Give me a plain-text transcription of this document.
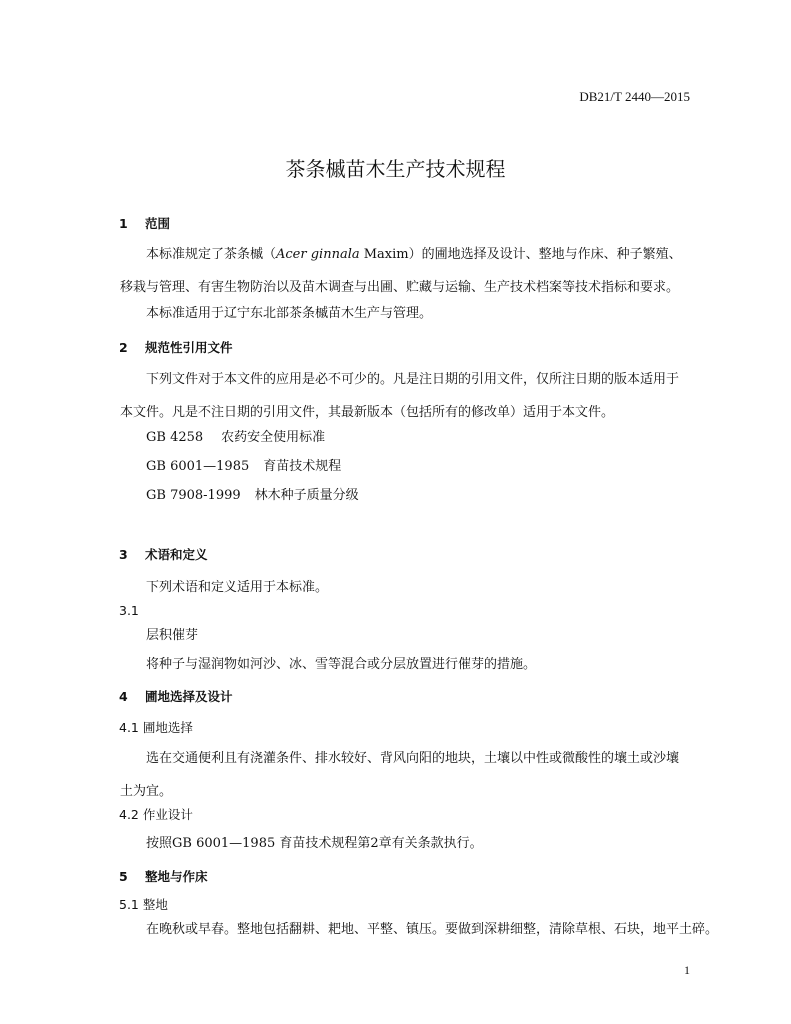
DB21/T 2440—2015
茶条槭苗木生产技术规程
1 范围
本标准规定了茶条槭（Acer ginnala Maxim）的圃地选择及设计、整地与作床、种子繁殖、移栽与管理、有害生物防治以及苗木调查与出圃、贮藏与运输、生产技术档案等技术指标和要求。
本标准适用于辽宁东北部茶条槭苗木生产与管理。
2 规范性引用文件
下列文件对于本文件的应用是必不可少的。凡是注日期的引用文件，仅所注日期的版本适用于本文件。凡是不注日期的引用文件，其最新版本（包括所有的修改单）适用于本文件。
GB 4258 农药安全使用标准
GB 6001—1985 育苗技术规程
GB 7908-1999 林木种子质量分级
3 术语和定义
下列术语和定义适用于本标准。
3.1
层积催芽
将种子与湿润物如河沙、冰、雪等混合或分层放置进行催芽的措施。
4 圃地选择及设计
4.1 圃地选择
选在交通便利且有浇灌条件、排水较好、背风向阳的地块，土壤以中性或微酸性的壤土或沙壤土为宜。
4.2 作业设计
按照GB 6001—1985 育苗技术规程第2章有关条款执行。
5 整地与作床
5.1 整地
在晚秋或早春。整地包括翻耕、耙地、平整、镇压。要做到深耕细整，清除草根、石块，地平土碎。
1
